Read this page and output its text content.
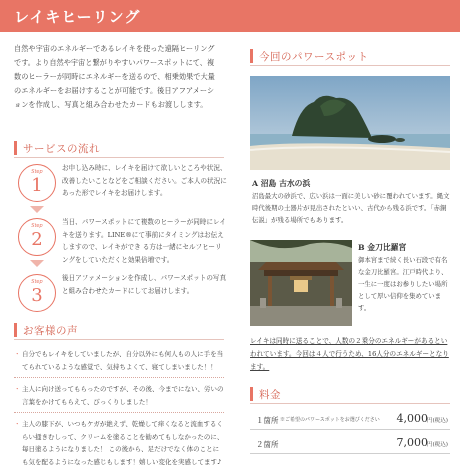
レイキヒーリング
自然や宇宙のエネルギーであるレイキを使った遠隔ヒーリングです。より自然や宇宙と繋がりやすいパワースポットにて、複数のヒーラーが同時にエネルギーを送るので、相乗効果で大量のエネルギーをお届けすることが可能です。後日アフアメーションを作成し、写真と組み合わせたカードもお渡しします。
サービスの流れ
Step
1
お申し込み時に、レイキを届けて欲しいところや状況、改善したいことなどをご相談ください。ご本人の状況にあった形でレイキをお届けします。
Step
2
当日、パワースポットにて複数のヒーラーが同時にレイキを送ります。LINE®にて事前にタイミングはお伝えしますので、レイキができ る方は一緒にセルフヒーリングをしていただくと効果倍増です。
Step
3
後日アファメーションを作成し、パワースポットの写真と組み合わせたカードにしてお届けします。
お客様の声
・ 自分でもレイキをしていましたが、自分以外にも何人もの人に手を当てられているような感覚で、気持ちよくて、寝てしまいました！！
・ 主人に向け送ってもらったのですが、その後、今までにない、労いの言葉をかけてもらえて、びっくりしました！
・ 主人の膝下が、いつもケガが絶えず、乾燥して痒くなると流血するくらい掻きむしって、クリームを塗ることを勧めてもしなかったのに、毎日塗るようになりました！ この後から、足だけでなく体のことにも気を配るようになった感じもします！嬉しい変化を実感してます♪
今回のパワースポット
A 沼島 古水の浜
沼島最大の砂浜で、広い浜は一面に美しい砂に覆われています。縄文時代後期の土器片が見出されたといい、古代から残る浜です。「赤銅伝説」が残る場所でもあります。
B 金刀比羅宮
御本宮まで続く長い石段で有名な金刀比羅宮。江戸時代より、一生に一度はお参りしたい場所として厚い信仰を集めています。
レイキは同時に送ることで、人数の２乗分のエネルギーがあるといわれています。今回は４人で行うため、16人分のエネルギーとなります。
料金
１箇所 ※ご希望のパワースポットをお選びください 4,000
円(税込)
２箇所	7,000
円(税込)
